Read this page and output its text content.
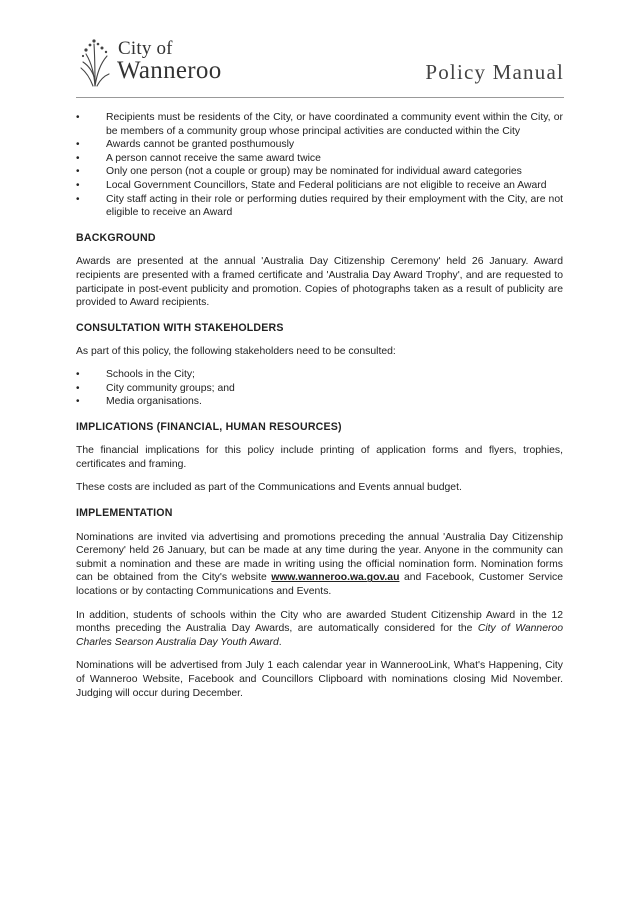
City of
Wanneroo	Policy Manual
•	Recipients must be residents of the City, or have coordinated a community event within the City, or be members of a community group whose principal activities are conducted within the City
•	Awards cannot be granted posthumously
•	A person cannot receive the same award twice
•	Only one person (not a couple or group) may be nominated for individual award categories
•	Local Government Councillors, State and Federal politicians are not eligible to receive an Award
•	City staff acting in their role or performing duties required by their employment with the City, are not eligible to receive an Award
BACKGROUND

Awards are presented at the annual 'Australia Day Citizenship Ceremony' held 26 January. Award recipients are presented with a framed certificate and 'Australia Day Award Trophy', and are requested to participate in post-event publicity and promotion. Copies of photographs taken as a result of publicity are provided to Award recipients.

CONSULTATION WITH STAKEHOLDERS

As part of this policy, the following stakeholders need to be consulted:

•	Schools in the City;
•	City community groups; and
•	Media organisations.
IMPLICATIONS (FINANCIAL, HUMAN RESOURCES)

The financial implications for this policy include printing of application forms and flyers, trophies, certificates and framing.

These costs are included as part of the Communications and Events annual budget.

IMPLEMENTATION

Nominations are invited via advertising and promotions preceding the annual 'Australia Day Citizenship Ceremony' held 26 January, but can be made at any time during the year. Anyone in the community can submit a nomination and these are made in writing using the official nomination form. Nomination forms can be obtained from the City's website www.wanneroo.wa.gov.au and Facebook, Customer Service locations or by contacting Communications and Events.

In addition, students of schools within the City who are awarded Student Citizenship Award in the 12 months preceding the Australia Day Awards, are automatically considered for the City of Wanneroo Charles Searson Australia Day Youth Award.

Nominations will be advertised from July 1 each calendar year in WannerooLink, What's Happening, City of Wanneroo Website, Facebook and Councillors Clipboard with nominations closing Mid November. Judging will occur during December.
